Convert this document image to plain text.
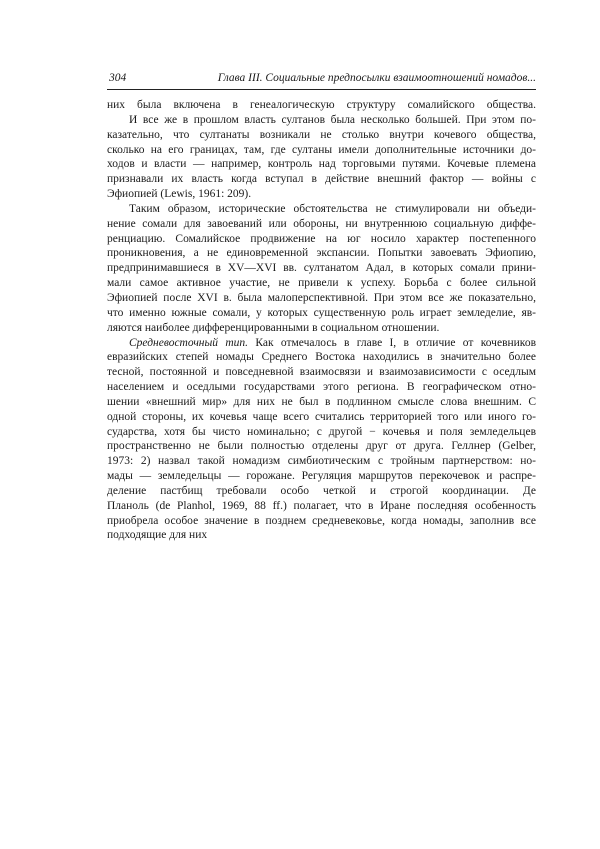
304	Глава III. Социальные предпосылки взаимоотношений номадов...
них была включена в генеалогическую структуру сомалийского общества.
И все же в прошлом власть султанов была несколько большей. При этом по-
казательно, что султанаты возникали не столько внутри кочевого общества,
сколько на его границах, там, где султаны имели дополнительные источники до-
ходов и власти — например, контроль над торговыми путями. Кочевые племена
признавали их власть когда вступал в действие внешний фактор — войны с
Эфиопией (Lewis, 1961: 209).
Таким образом, исторические обстоятельства не стимулировали ни объеди-
нение сомали для завоеваний или обороны, ни внутреннюю социальную диффе-
ренциацию. Сомалийское продвижение на юг носило характер постепенного
проникновения, а не единовременной экспансии. Попытки завоевать Эфиопию,
предпринимавшиеся в XV—XVI вв. султанатом Адал, в которых сомали прини-
мали самое активное участие, не привели к успеху. Борьба с более сильной
Эфиопией после XVI в. была малоперспективной. При этом все же показательно,
что именно южные сомали, у которых существенную роль играет земледелие, яв-
ляются наиболее дифференцированными в социальном отношении.
Средневосточный тип. Как отмечалось в главе I, в отличие от кочевников
евразийских степей номады Среднего Востока находились в значительно более
тесной, постоянной и повседневной взаимосвязи и взаимозависимости с оседлым
населением и оседлыми государствами этого региона. В географическом отно-
шении «внешний мир» для них не был в подлинном смысле слова внешним. С
одной стороны, их кочевья чаще всего считались территорией того или иного го-
сударства, хотя бы чисто номинально; с другой − кочевья и поля земледельцев
пространственно не были полностью отделены друг от друга. Геллнер (Gelber,
1973: 2) назвал такой номадизм симбиотическим с тройным партнерством: но-
мады — земледельцы — горожане. Регуляция маршрутов перекочевок и распре-
деление пастбищ требовали особо четкой и строгой координации. Де
Планоль (de Planhol, 1969, 88 ff.) полагает, что в Иране последняя особенность
приобрела особое значение в позднем средневековье, когда номады, заполнив все
подходящие для них
